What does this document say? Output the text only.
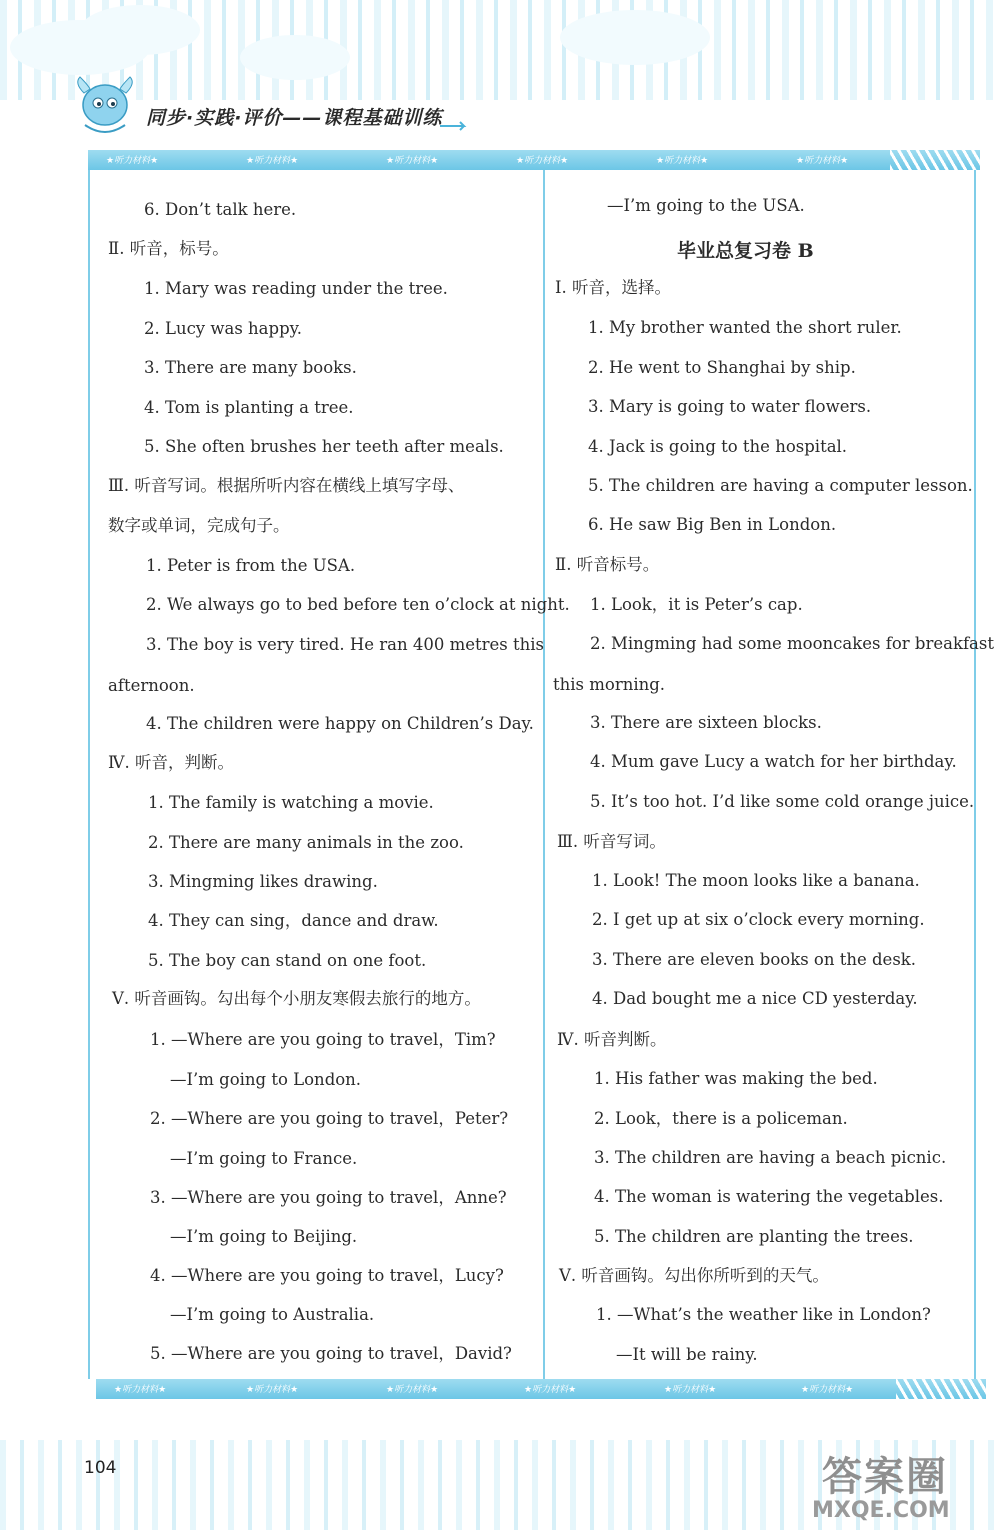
同步·实践·评价——课程基础训练
★听力材料★	★听力材料★	★听力材料★	★听力材料★	★听力材料★	★听力材料★
6. Don’t talk here.
Ⅱ. 听音，标号。
1. Mary was reading under the tree.
2. Lucy was happy.
3. There are many books.
4. Tom is planting a tree.
5. She often brushes her teeth after meals.
Ⅲ. 听音写词。根据所听内容在横线上填写字母、
数字或单词，完成句子。
1. Peter is from the USA.
2. We always go to bed before ten o’clock at night.
3. The boy is very tired. He ran 400 metres this
afternoon.
4. The children were happy on Children’s Day.
Ⅳ. 听音，判断。
1. The family is watching a movie.
2. There are many animals in the zoo.
3. Mingming likes drawing.
4. They can sing，dance and draw.
5. The boy can stand on one foot.
Ⅴ. 听音画钩。勾出每个小朋友寒假去旅行的地方。
1. —Where are you going to travel，Tim?
—I’m going to London.
2. —Where are you going to travel，Peter?
—I’m going to France.
3. —Where are you going to travel，Anne?
—I’m going to Beijing.
4. —Where are you going to travel，Lucy?
—I’m going to Australia.
5. —Where are you going to travel，David?
—I’m going to the USA.
毕业总复习卷 B
Ⅰ. 听音，选择。
1. My brother wanted the short ruler.
2. He went to Shanghai by ship.
3. Mary is going to water flowers.
4. Jack is going to the hospital.
5. The children are having a computer lesson.
6. He saw Big Ben in London.
Ⅱ. 听音标号。
1. Look，it is Peter’s cap.
2. Mingming had some mooncakes for breakfast
this morning.
3. There are sixteen blocks.
4. Mum gave Lucy a watch for her birthday.
5. It’s too hot. I’d like some cold orange juice.
Ⅲ. 听音写词。
1. Look! The moon looks like a banana.
2. I get up at six o’clock every morning.
3. There are eleven books on the desk.
4. Dad bought me a nice CD yesterday.
Ⅳ. 听音判断。
1. His father was making the bed.
2. Look，there is a policeman.
3. The children are having a beach picnic.
4. The woman is watering the vegetables.
5. The children are planting the trees.
Ⅴ. 听音画钩。勾出你所听到的天气。
1. —What’s the weather like in London?
—It will be rainy.
★听力材料★	★听力材料★	★听力材料★	★听力材料★	★听力材料★	★听力材料★
104	答案圈
MXQE.COM
